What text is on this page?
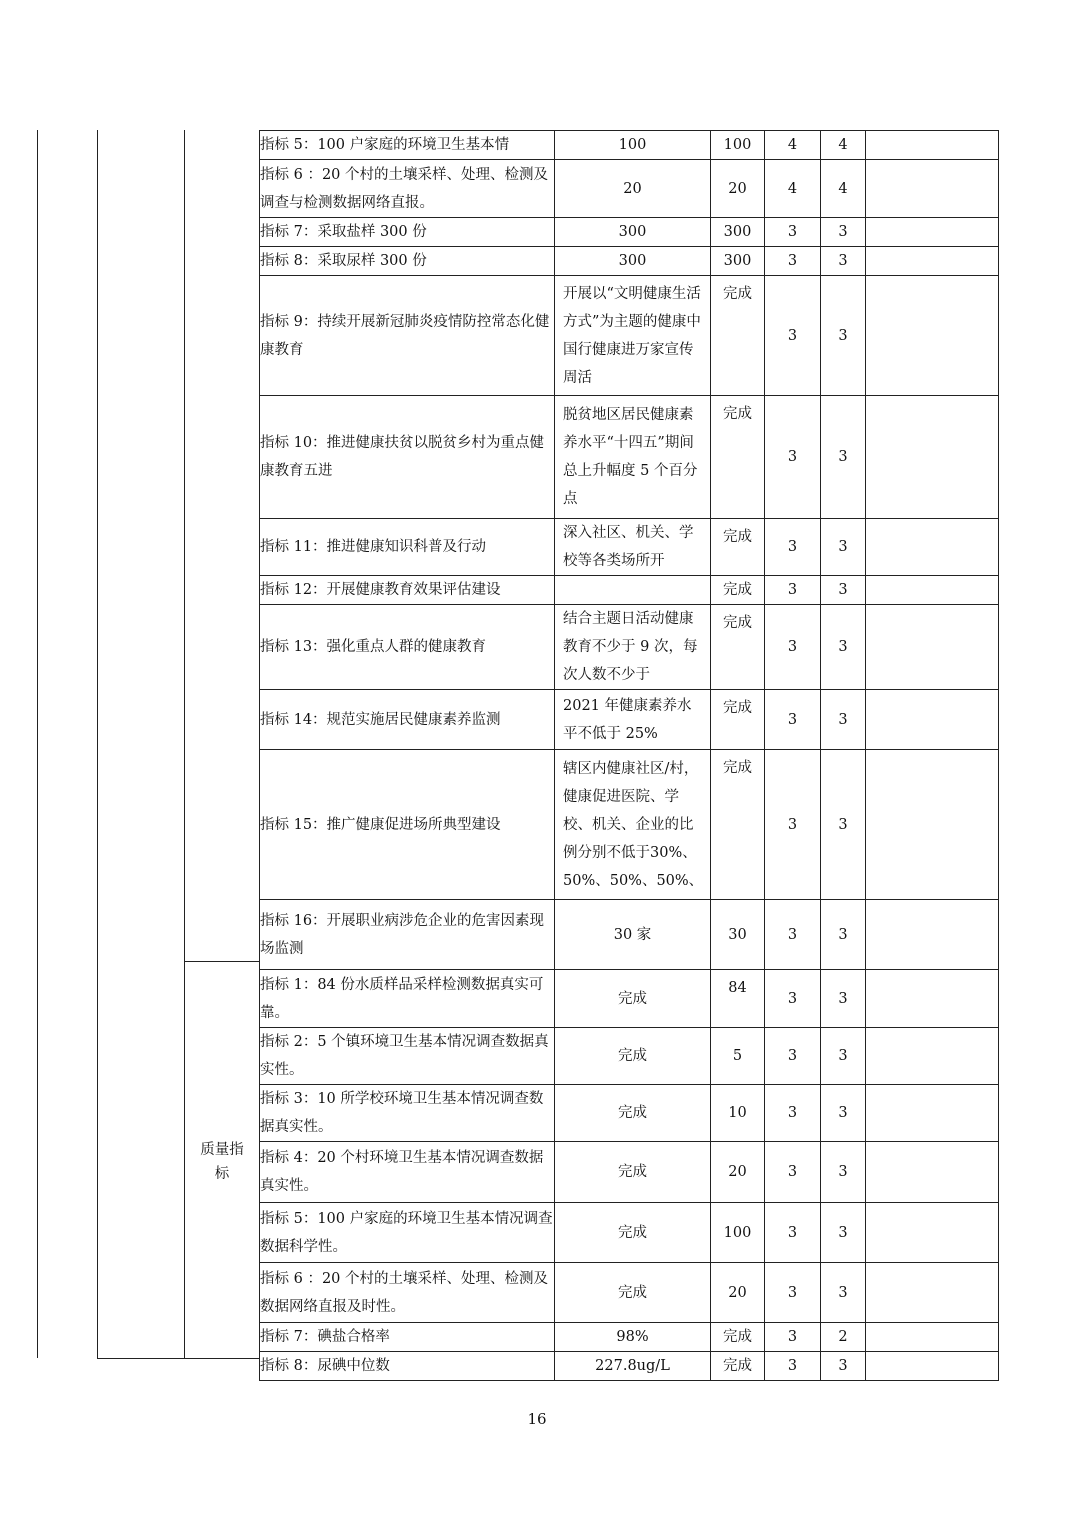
质量指
标
指标 5：100 户家庭的环境卫生基本情	100	100	4	4	
指标 6 ：20 个村的土壤采样、处理、检测及调查与检测数据网络直报。	20	20	4	4	
指标 7：采取盐样 300 份	300	300	3	3	
指标 8：采取尿样 300 份	300	300	3	3	
指标 9：持续开展新冠肺炎疫情防控常态化健康教育	开展以“文明健康生活方式”为主题的健康中国行健康进万家宣传周活	完成	3	3	
指标 10：推进健康扶贫以脱贫乡村为重点健康教育五进	脱贫地区居民健康素养水平“十四五”期间总上升幅度 5 个百分点	完成	3	3	
指标 11：推进健康知识科普及行动	深入社区、机关、学校等各类场所开	完成	3	3	
指标 12：开展健康教育效果评估建设		完成	3	3	
指标 13：强化重点人群的健康教育	结合主题日活动健康教育不少于 9 次，每次人数不少于	完成	3	3	
指标 14：规范实施居民健康素养监测	2021 年健康素养水平不低于 25%	完成	3	3	
指标 15：推广健康促进场所典型建设	辖区内健康社区/村，健康促进医院、学校、机关、企业的比例分别不低于30%、50%、50%、50%、	完成	3	3	
指标 16：开展职业病涉危企业的危害因素现场监测	30 家	30	3	3	
指标 1：84 份水质样品采样检测数据真实可靠。	完成	84	3	3	
指标 2：5 个镇环境卫生基本情况调查数据真实性。	完成	5	3	3	
指标 3：10 所学校环境卫生基本情况调查数据真实性。	完成	10	3	3	
指标 4：20 个村环境卫生基本情况调查数据真实性。	完成	20	3	3	
指标 5：100 户家庭的环境卫生基本情况调查数据科学性。	完成	100	3	3	
指标 6 ：20 个村的土壤采样、处理、检测及数据网络直报及时性。	完成	20	3	3	
指标 7：碘盐合格率	98%	完成	3	2	
指标 8：尿碘中位数	227.8ug/L	完成	3	3	
16
